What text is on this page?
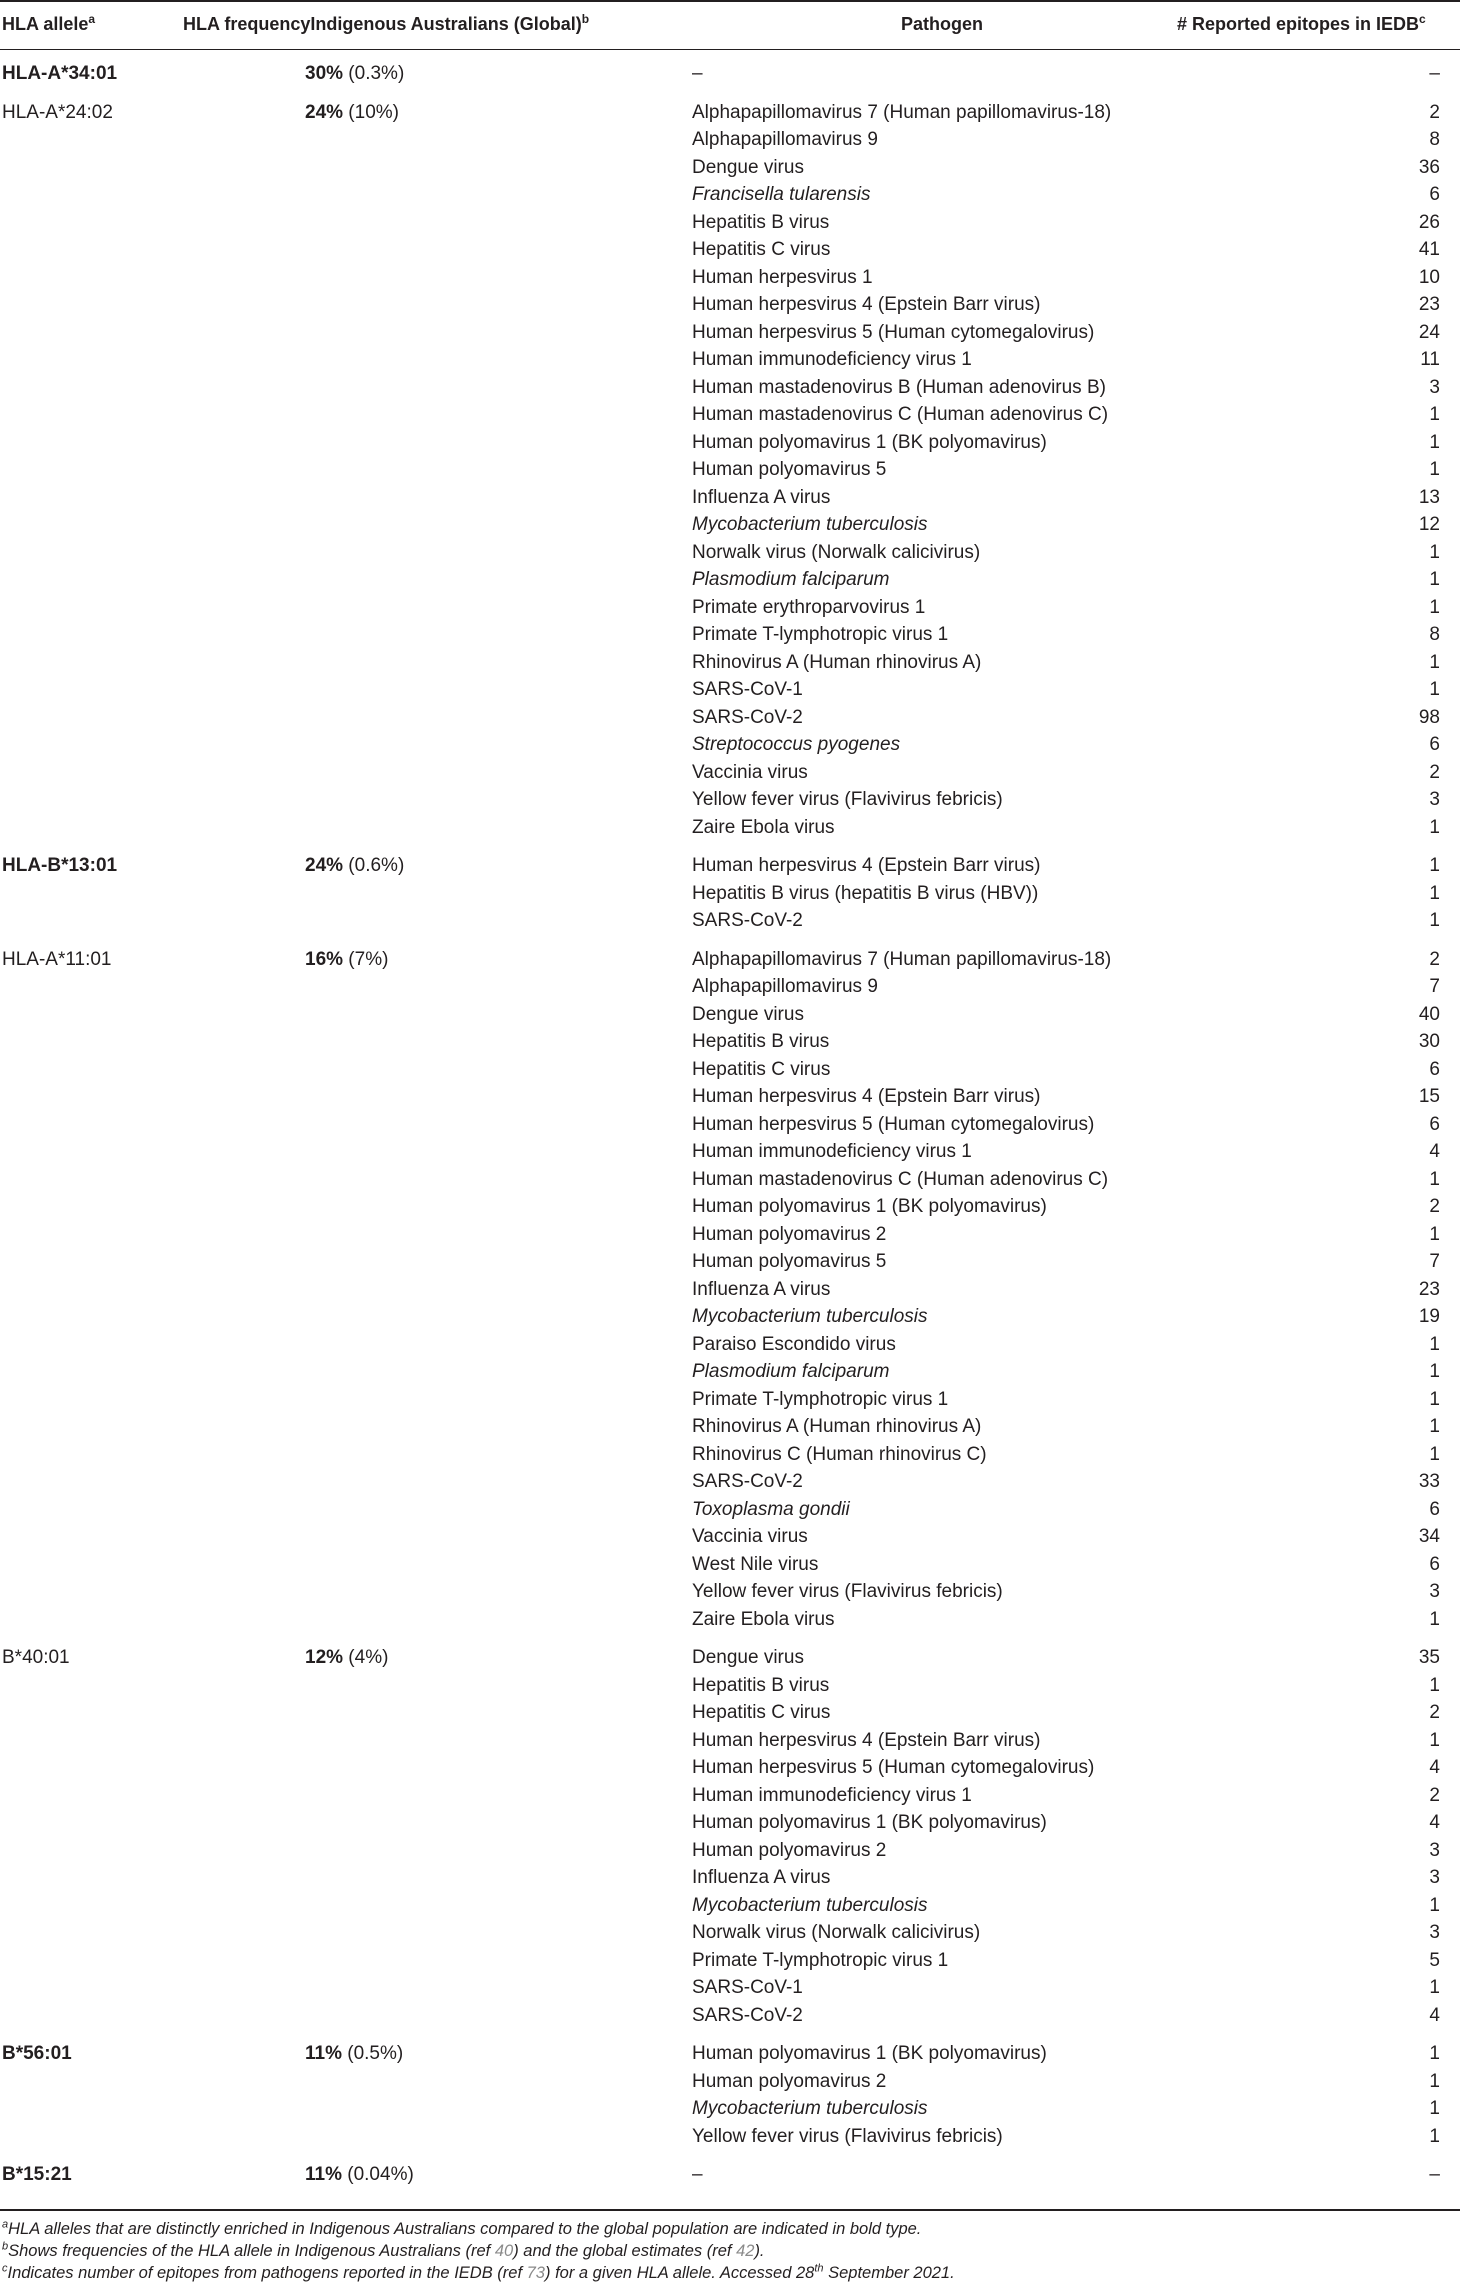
HLA allele$^a$	HLA frequencyIndigenous Australians (Global)$^b$	Pathogen	# Reported epitopes in IEDB$^c$
HLA-A*34:01	30% (0.3%)	–	–
HLA-A*24:02	24% (10%)	Alphapapillomavirus 7 (Human papillomavirus-18)	2
Alphapapillomavirus 9	8
Dengue virus	36
Francisella tularensis	6
Hepatitis B virus	26
Hepatitis C virus	41
Human herpesvirus 1	10
Human herpesvirus 4 (Epstein Barr virus)	23
Human herpesvirus 5 (Human cytomegalovirus)	24
Human immunodeficiency virus 1	11
Human mastadenovirus B (Human adenovirus B)	3
Human mastadenovirus C (Human adenovirus C)	1
Human polyomavirus 1 (BK polyomavirus)	1
Human polyomavirus 5	1
Influenza A virus	13
Mycobacterium tuberculosis	12
Norwalk virus (Norwalk calicivirus)	1
Plasmodium falciparum	1
Primate erythroparvovirus 1	1
Primate T-lymphotropic virus 1	8
Rhinovirus A (Human rhinovirus A)	1
SARS-CoV-1	1
SARS-CoV-2	98
Streptococcus pyogenes	6
Vaccinia virus	2
Yellow fever virus (Flavivirus febricis)	3
Zaire Ebola virus	1
HLA-B*13:01	24% (0.6%)	Human herpesvirus 4 (Epstein Barr virus)	1
Hepatitis B virus (hepatitis B virus (HBV))	1
SARS-CoV-2	1
HLA-A*11:01	16% (7%)	Alphapapillomavirus 7 (Human papillomavirus-18)	2
Alphapapillomavirus 9	7
Dengue virus	40
Hepatitis B virus	30
Hepatitis C virus	6
Human herpesvirus 4 (Epstein Barr virus)	15
Human herpesvirus 5 (Human cytomegalovirus)	6
Human immunodeficiency virus 1	4
Human mastadenovirus C (Human adenovirus C)	1
Human polyomavirus 1 (BK polyomavirus)	2
Human polyomavirus 2	1
Human polyomavirus 5	7
Influenza A virus	23
Mycobacterium tuberculosis	19
Paraiso Escondido virus	1
Plasmodium falciparum	1
Primate T-lymphotropic virus 1	1
Rhinovirus A (Human rhinovirus A)	1
Rhinovirus C (Human rhinovirus C)	1
SARS-CoV-2	33
Toxoplasma gondii	6
Vaccinia virus	34
West Nile virus	6
Yellow fever virus (Flavivirus febricis)	3
Zaire Ebola virus	1
B*40:01	12% (4%)	Dengue virus	35
Hepatitis B virus	1
Hepatitis C virus	2
Human herpesvirus 4 (Epstein Barr virus)	1
Human herpesvirus 5 (Human cytomegalovirus)	4
Human immunodeficiency virus 1	2
Human polyomavirus 1 (BK polyomavirus)	4
Human polyomavirus 2	3
Influenza A virus	3
Mycobacterium tuberculosis	1
Norwalk virus (Norwalk calicivirus)	3
Primate T-lymphotropic virus 1	5
SARS-CoV-1	1
SARS-CoV-2	4
B*56:01	11% (0.5%)	Human polyomavirus 1 (BK polyomavirus)	1
Human polyomavirus 2	1
Mycobacterium tuberculosis	1
Yellow fever virus (Flavivirus febricis)	1
B*15:21	11% (0.04%)	–	–
$^a$HLA alleles that are distinctly enriched in Indigenous Australians compared to the global population are indicated in bold type.
$^b$Shows frequencies of the HLA allele in Indigenous Australians (ref 40) and the global estimates (ref 42).
$^c$Indicates number of epitopes from pathogens reported in the IEDB (ref 73) for a given HLA allele. Accessed 28th September 2021.
